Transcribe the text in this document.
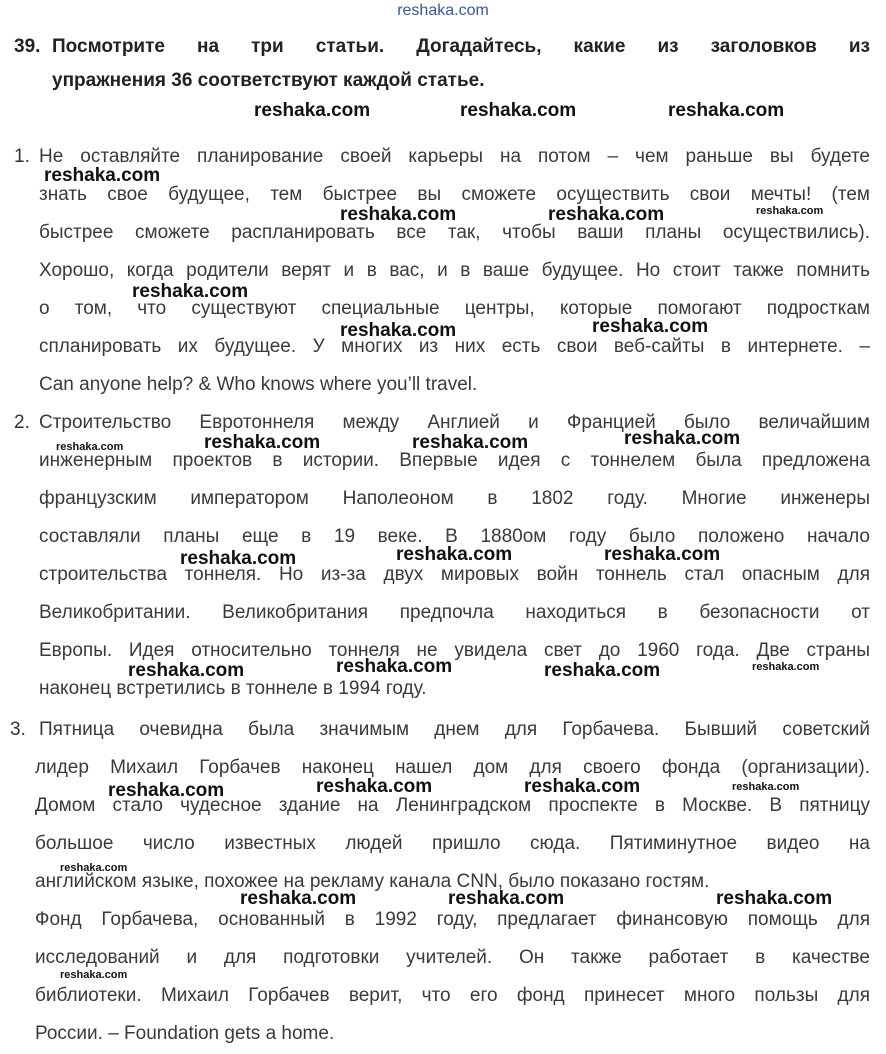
reshaka.com
39. Посмотрите на три статьи. Догадайтесь, какие из заголовков из
упражнения 36 соответствуют каждой статье.
1. Не оставляйте планирование своей карьеры на потом – чем раньше вы будете
знать свое будущее, тем быстрее вы сможете осуществить свои мечты! (тем
быстрее сможете распланировать все так, чтобы ваши планы осуществились).
Хорошо, когда родители верят и в вас, и в ваше будущее. Но стоит также помнить
о том, что существуют специальные центры, которые помогают подросткам
спланировать их будущее. У многих из них есть свои веб-сайты в интернете. –
Can anyone help? & Who knows where you’ll travel.
2. Строительство Евротоннеля между Англией и Францией было величайшим
инженерным проектов в истории. Впервые идея с тоннелем была предложена
французским императором Наполеоном в 1802 году. Многие инженеры
составляли планы еще в 19 веке. В 1880ом году было положено начало
строительства тоннеля. Но из-за двух мировых войн тоннель стал опасным для
Великобритании. Великобритания предпочла находиться в безопасности от
Европы. Идея относительно тоннеля не увидела свет до 1960 года. Две страны
наконец встретились в тоннеле в 1994 году.
3. Пятница очевидна была значимым днем для Горбачева. Бывший советский
лидер Михаил Горбачев наконец нашел дом для своего фонда (организации).
Домом стало чудесное здание на Ленинградском проспекте в Москве. В пятницу
большое число известных людей пришло сюда. Пятиминутное видео на
английском языке, похожее на рекламу канала CNN, было показано гостям.
Фонд Горбачева, основанный в 1992 году, предлагает финансовую помощь для
исследований и для подготовки учителей. Он также работает в качестве
библиотеки. Михаил Горбачев верит, что его фонд принесет много пользы для
России. – Foundation gets a home.
reshaka.com	reshaka.com	reshaka.com
reshaka.com
reshaka.com	reshaka.com	reshaka.com
reshaka.com
reshaka.com	reshaka.com
reshaka.com	reshaka.com	reshaka.com	reshaka.com
reshaka.com	reshaka.com	reshaka.com
reshaka.com	reshaka.com	reshaka.com	reshaka.com
reshaka.com	reshaka.com	reshaka.com	reshaka.com
reshaka.com
reshaka.com	reshaka.com	reshaka.com
reshaka.com
